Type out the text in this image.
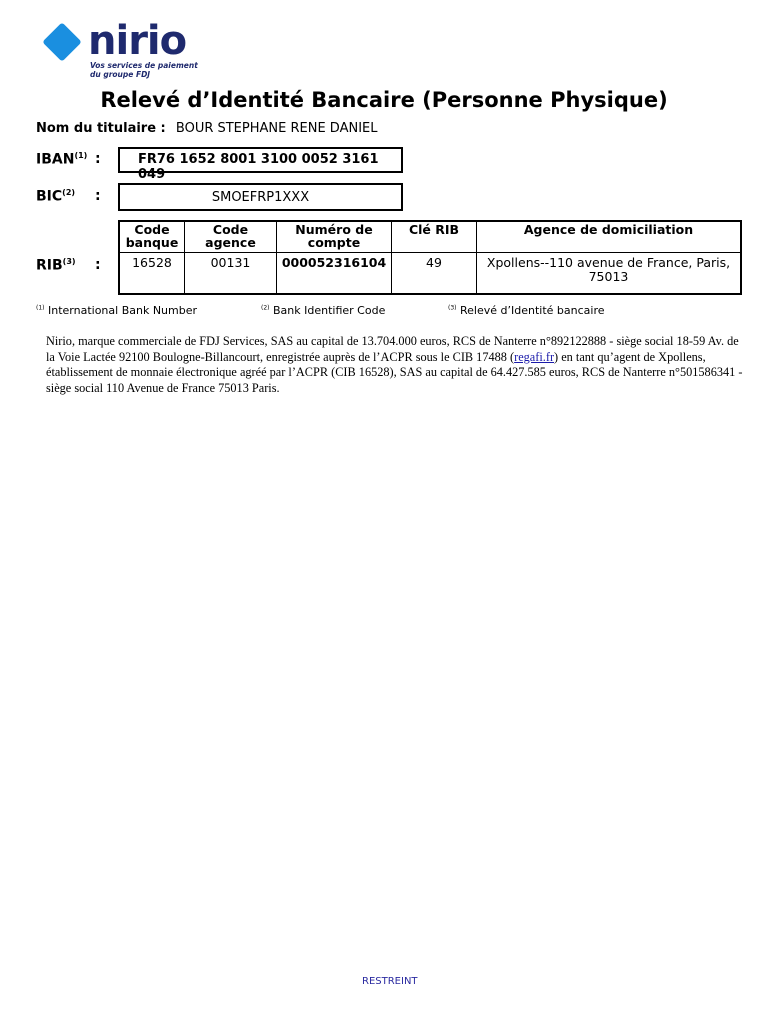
nirio
Vos services de paiement
du groupe FDJ
Relevé d’Identité Bancaire (Personne Physique)
Nom du titulaire : BOUR STEPHANE RENE DANIEL
IBAN$^{(1)}$ :	FR76 1652 8001 3100 0052 3161 049
BIC$^{(2)}$ :	SMOEFRP1XXX
RIB$^{(3)}$ :
Code banque	Code agence	Numéro de compte	Clé RIB	Agence de domiciliation
16528	00131	000052316104	49	Xpollens--110 avenue de France, Paris, 75013
$^{(1)}$ International Bank Number	$^{(2)}$ Bank Identifier Code	$^{(3)}$ Relevé d’Identité bancaire
Nirio, marque commerciale de FDJ Services, SAS au capital de 13.704.000 euros, RCS de Nanterre n°892122888 - siège social 18-59 Av. de la Voie Lactée 92100 Boulogne-Billancourt, enregistrée auprès de l’ACPR sous le CIB 17488 (regafi.fr) en tant qu’agent de Xpollens, établissement de monnaie électronique agréé par l’ACPR (CIB 16528), SAS au capital de 64.427.585 euros, RCS de Nanterre n°501586341 - siège social 110 Avenue de France 75013 Paris.
RESTREINT
